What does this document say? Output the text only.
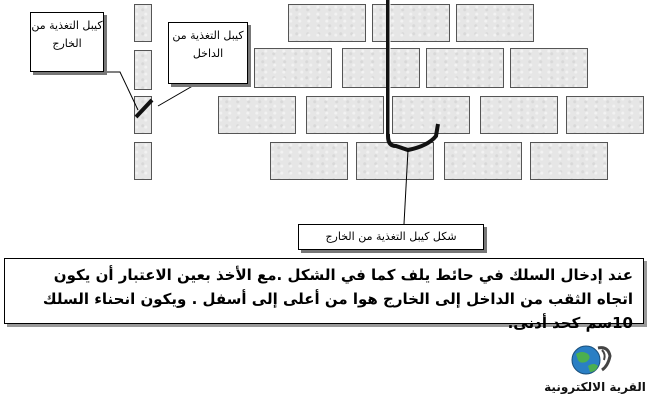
كيبل التغذية من الخارج
كيبل التغذية من الداخل
شكل كيبل التغذية من الخارج
عند إدخال السلك في حائط يلف كما في الشكل .مع الأخذ بعين الاعتبار أن يكون اتجاه الثقب من الداخل إلى الخارج هوا من أعلى إلى أسفل . ويكون انحناء السلك 10سم كحد أدنى.
القرية الالكترونية
